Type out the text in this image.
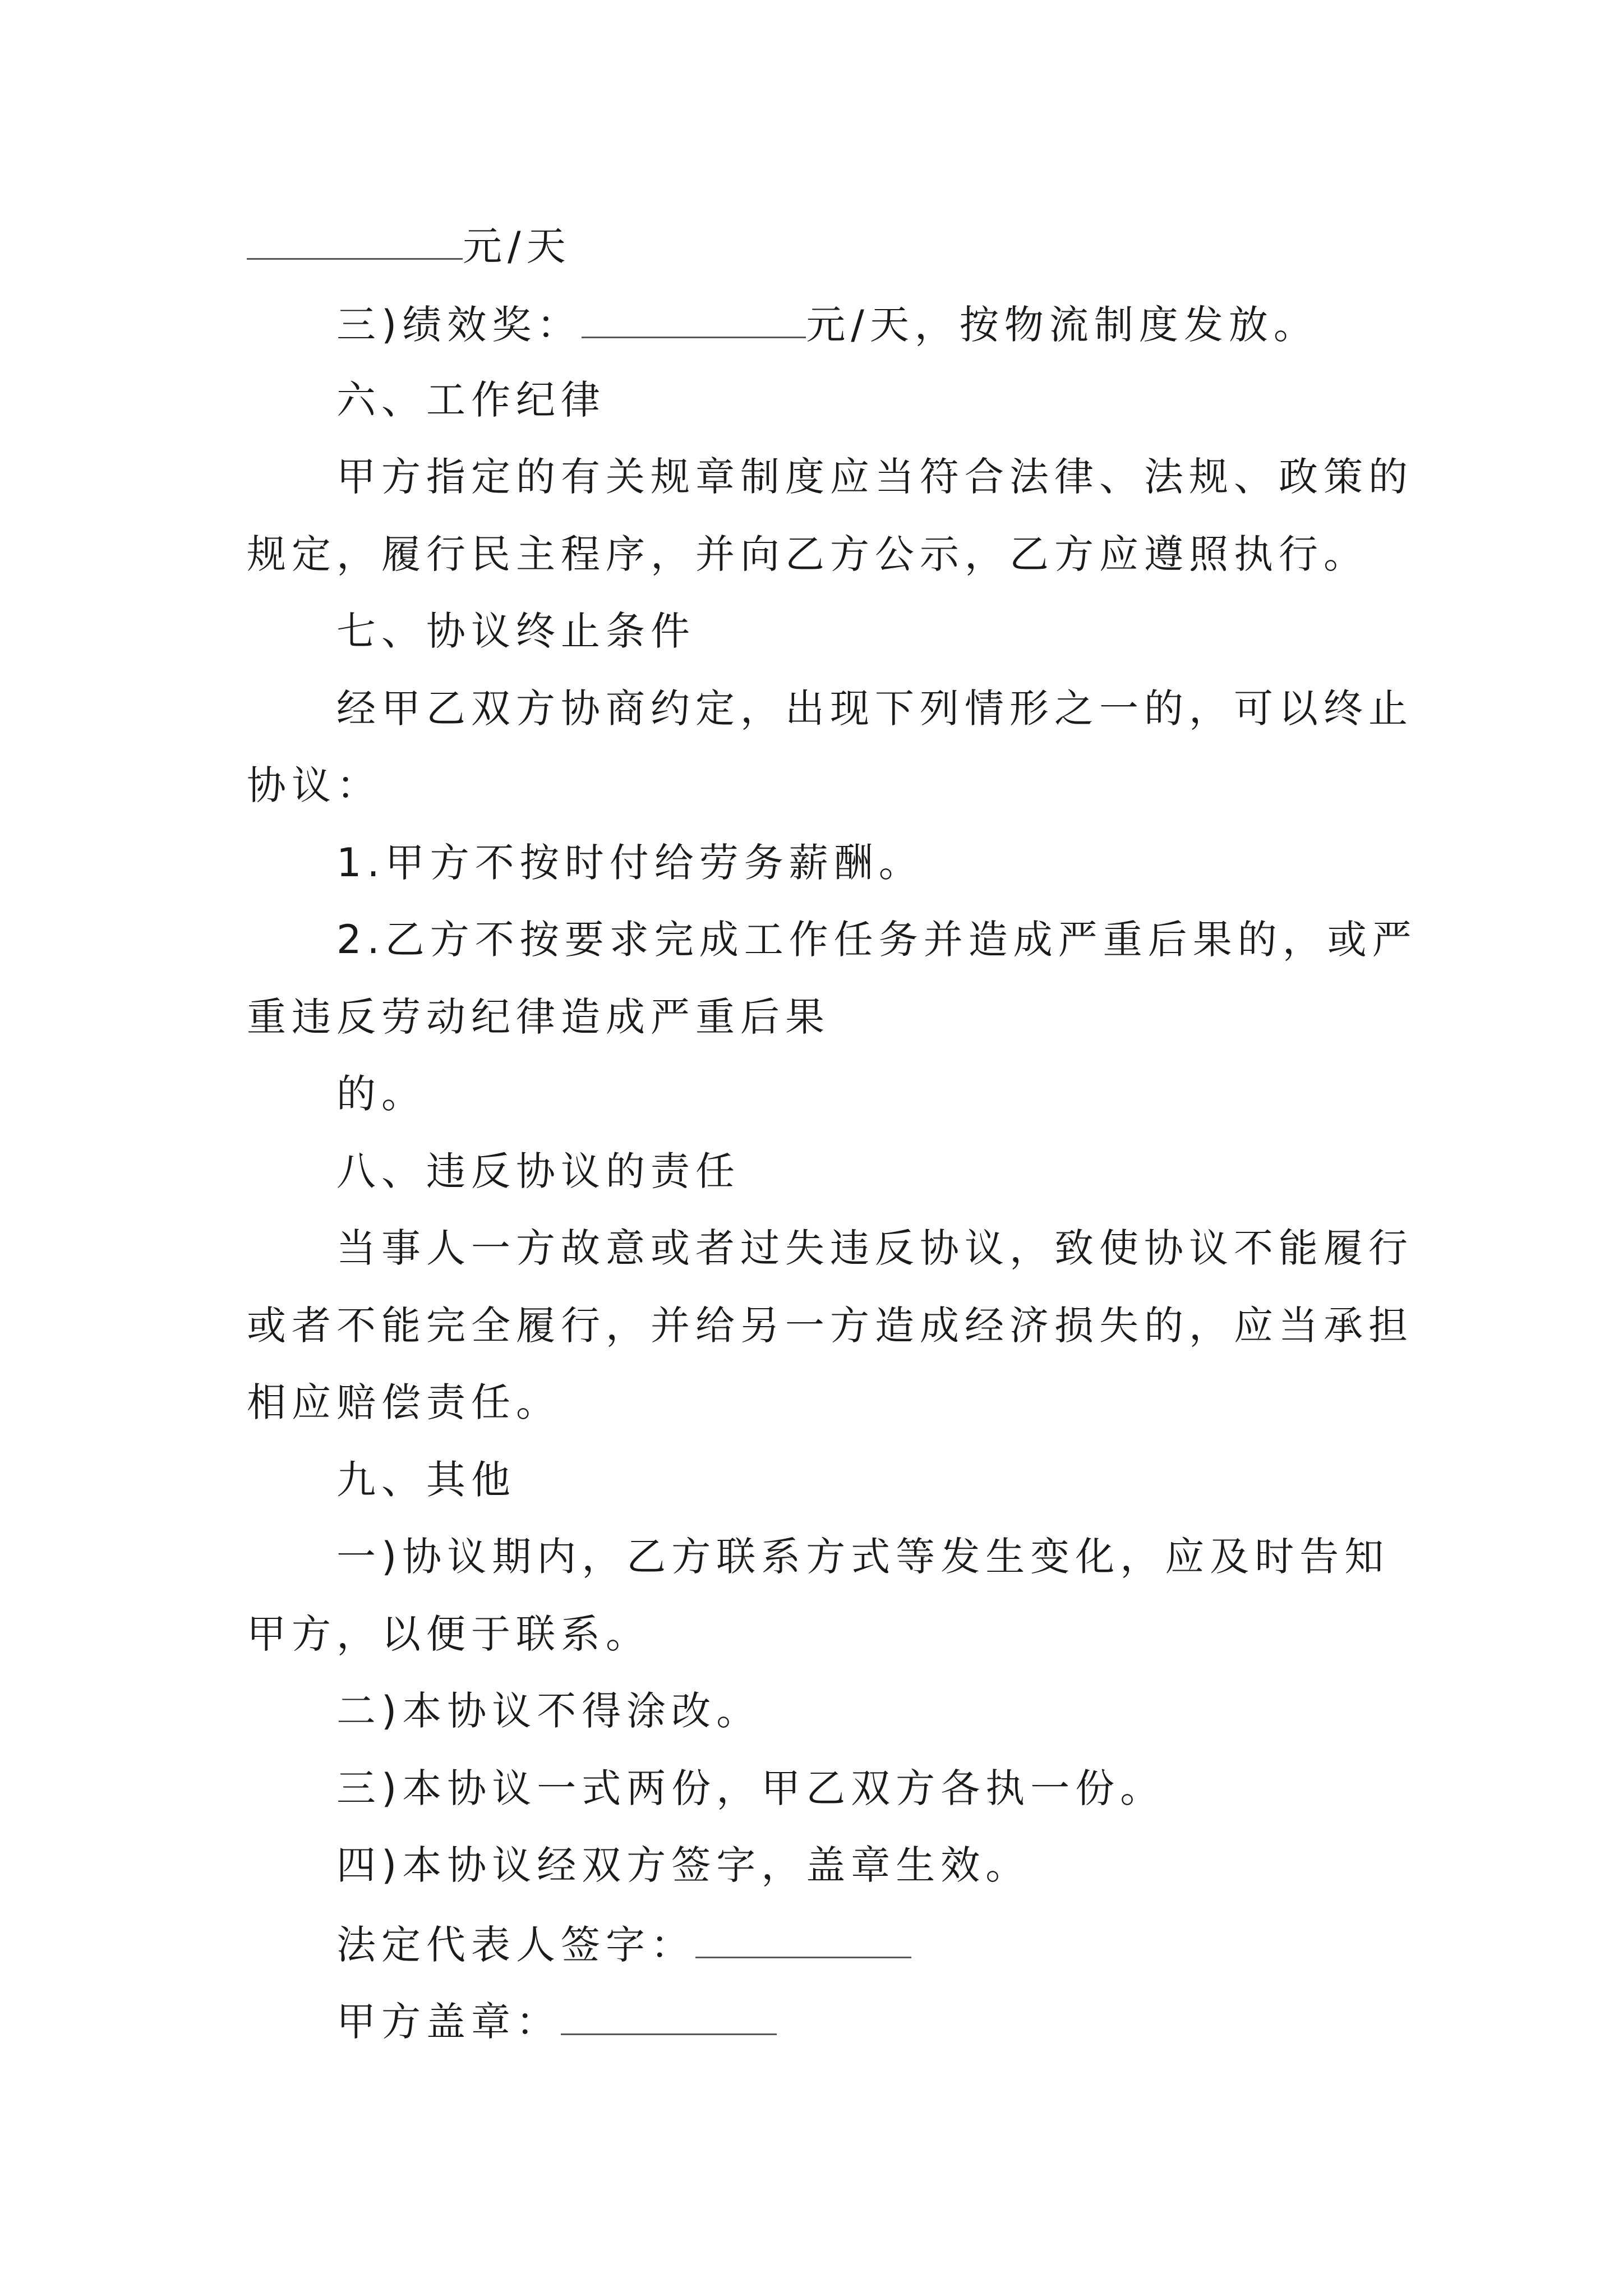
元/天
三)绩效奖：	元/天，按物流制度发放。
六、工作纪律
甲方指定的有关规章制度应当符合法律、法规、政策的
规定，履行民主程序，并向乙方公示，乙方应遵照执行。
七、协议终止条件
经甲乙双方协商约定，出现下列情形之一的，可以终止
协议：
1.甲方不按时付给劳务薪酬。
2.乙方不按要求完成工作任务并造成严重后果的，或严
重违反劳动纪律造成严重后果
的。
八、违反协议的责任
当事人一方故意或者过失违反协议，致使协议不能履行
或者不能完全履行，并给另一方造成经济损失的，应当承担
相应赔偿责任。
九、其他
一)协议期内，乙方联系方式等发生变化，应及时告知
甲方，以便于联系。
二)本协议不得涂改。
三)本协议一式两份，甲乙双方各执一份。
四)本协议经双方签字，盖章生效。
法定代表人签字：
甲方盖章：
